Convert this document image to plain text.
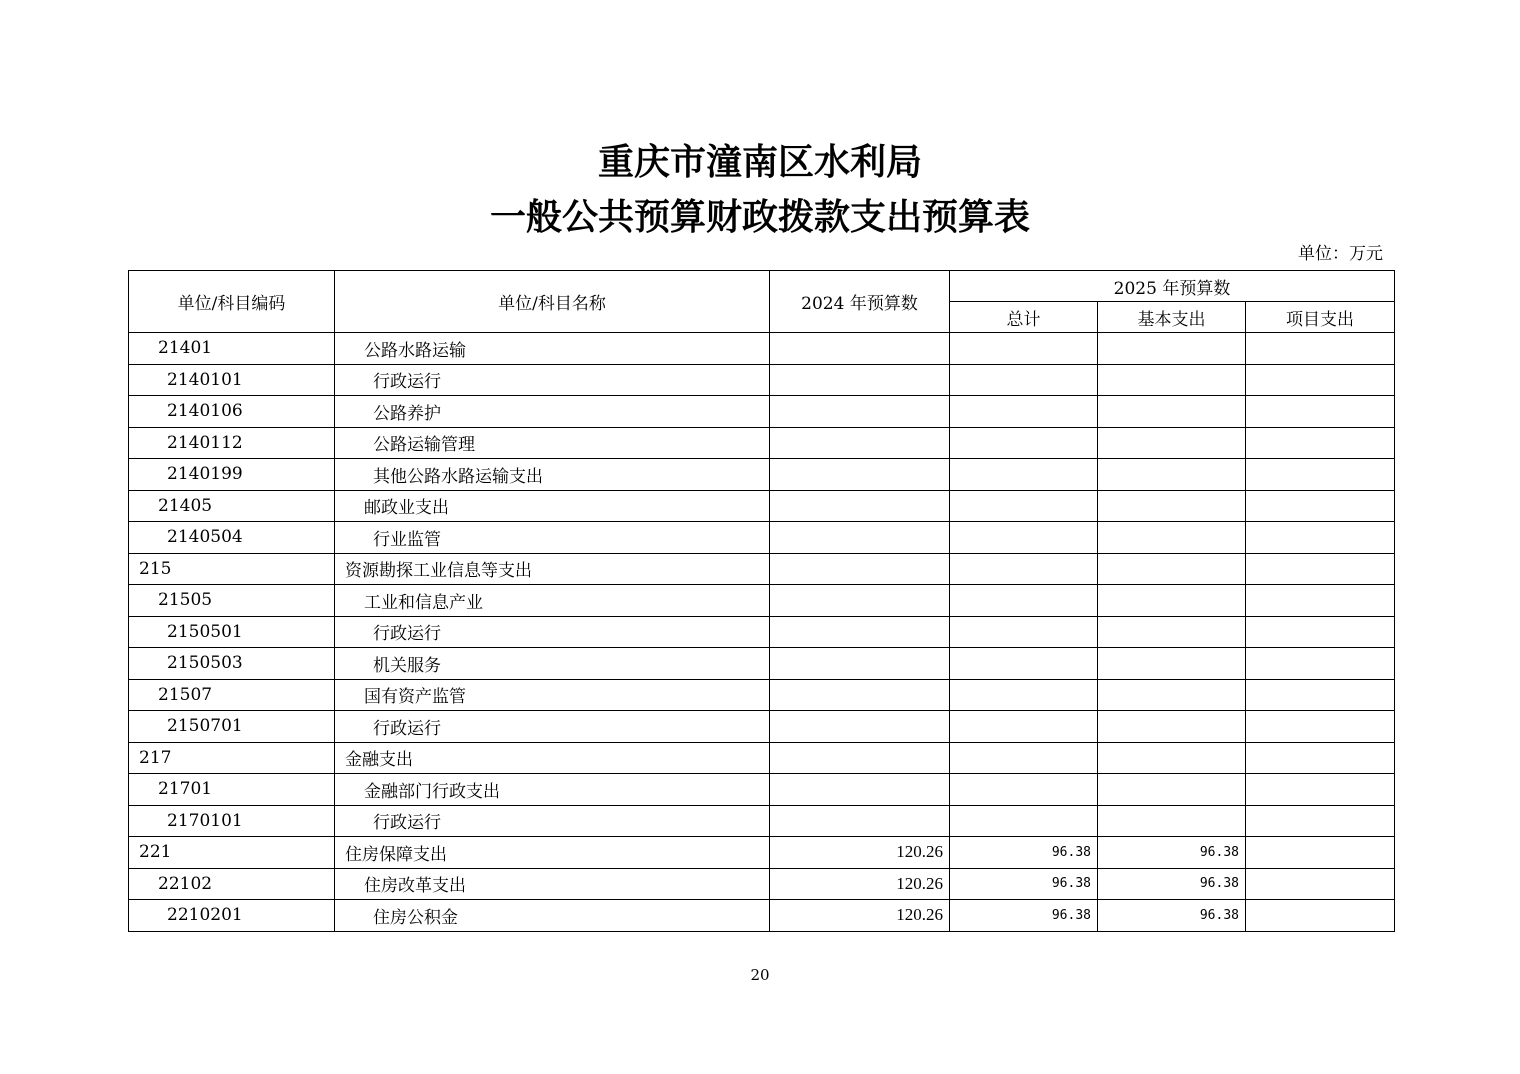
重庆市潼南区水利局
一般公共预算财政拨款支出预算表
单位：万元
单位/科目编码	单位/科目名称	2024 年预算数	2025 年预算数		
			总计	基本支出	项目支出
21401	公路水路运输				
2140101	行政运行				
2140106	公路养护				
2140112	公路运输管理				
2140199	其他公路水路运输支出				
21405	邮政业支出				
2140504	行业监管				
215	资源勘探工业信息等支出				
21505	工业和信息产业				
2150501	行政运行				
2150503	机关服务				
21507	国有资产监管				
2150701	行政运行				
217	金融支出				
21701	金融部门行政支出				
2170101	行政运行				
221	住房保障支出	120.26	96.38	96.38	
22102	住房改革支出	120.26	96.38	96.38	
2210201	住房公积金	120.26	96.38	96.38	
20
